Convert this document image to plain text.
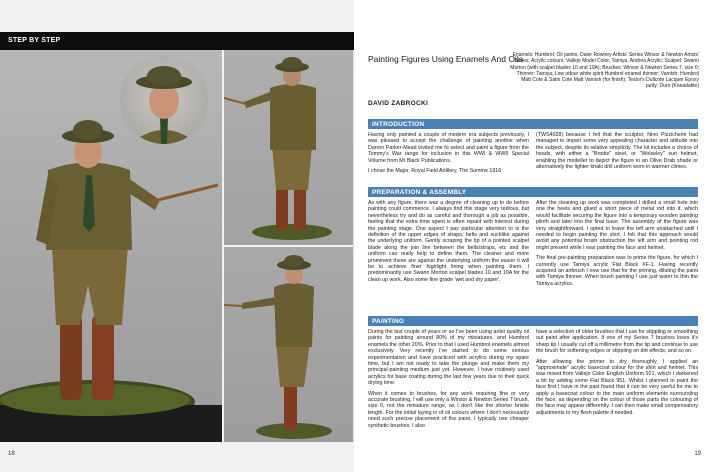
STEP BY STEP
18
Major of the Royal Field Artillery on the Somme 1916	Tommy's War (TWS4028)
54mm (1/32)
Painting Figures Using Enamels And Oils
Enamels: Humbrol; Oil paints: Daler Rowney Artists' Series Winsor & Newton Artists' Series; Acrylic colours: Vallejo Model Color, Tamiya, Andrea Acrylic; Scalpel: Swann Morton (with scalpel blades 10 and 10A); Brushes: Winsor & Newton Series 7, size 0; Thinner: Tamiya, Low odour white spirit Humbrol enamel thinner; Varnish: Humbrol Matt Cote & Satin Cote Matt Varnish (for finish): Testor's Dullcote Lacquer Epoxy putty: Duro (Kneadatite)
DAVID ZABROCKI
INTRODUCTION

Having only painted a couple of modern era subjects previously, I was pleased to accept the challenge of painting another when Darren Parker-Mead invited me to select and paint a figure from the Tommy's War range for inclusion in this WWI & WWII Special Volume from Mr Black Publications.

I chose the Major, Royal Field Artillery, The Somme 1916

(TWS4028) because I felt that the sculptor, Nino Pizzichemi had managed to impart some very appealing character and attitude into the subject, despite its relative simplicity. The kit includes a choice of heads, with either a "Brodie" steel, or "Wolseley" sun helmet, enabling the modeller to depict the figure in an Olive Drab shade or alternatively the lighter khaki drill uniform worn in warmer climes.

PREPARATION & ASSEMBLY

As with any figure, there was a degree of cleaning up to do before painting could commence. I always find this stage very tedious, but nevertheless try and do as careful and thorough a job as possible, feeling that the extra time spent is often repaid with interest during the painting stage. One aspect I pay particular attention to is the definition of the upper edges of straps, belts and suchlike against the underlying uniform. Gently scraping the tip of a pointed scalpel blade along the join line between the belts/straps, etc and the uniform can really help to define them. The cleaner and more prominent these are against the underlying uniform the easier it will be to achieve finer highlight lining when painting them. I predominantly use Swann Morton scalpel blades 10 and 10A for the clean up work. Also some fine grade 'wet and dry paper'.

After the cleaning up work was completed I drilled a small hole into one the heels and glued a short piece of metal rod into it, which would facilitate securing the figure into a temporary wooden painting plinth and later into the final base. The assembly of the figure was very straightforward. I opted to leave the left arm unattached until I needed to begin painting the shirt. I felt that this approach would avoid any potential brush obstruction the left arm and pointing rod might present while I was painting the face and helmet.

The final pre-painting preparation was to prime the figure, for which I currently use Tamiya acrylic Flat Black XF-1. Having recently acquired an airbrush I now use that for the priming, diluting the paint with Tamiya thinner. When brush painting I use just water to thin the Tamiya acrylics.

PAINTING

During the last couple of years or so I've been using artist quality oil paints for painting around 80% of my miniatures, and Humbrol enamels the other 20%. Prior to that I used Humbrol enamels almost exclusively. Very recently I've started to do some serious experimentation and have practiced with acrylics during my spare time, but I am not ready to take the plunge and make them my principal-painting medium just yet. However, I have routinely used acrylics for base coating during the last few years due to their quick drying time.

When it comes to brushes, for any work requiring fine or very accurate brushing, I will use only a Winsor & Newton Series 7 brush, size 0, not the miniature range, as I don't like the shorter bristle length. For the initial laying in of oil colours where I don't necessarily need such precise placement of the paint, I typically use cheaper synthetic brushes. I also

have a selection of older brushes that I use for stippling or smoothing out paint after application. If one of my Series 7 brushes loses it's sharp tip I usually cut off a millimetre from the tip and continue to use the brush for softening edges or stippling on dirt effects, and so on.

After allowing the primer to dry thoroughly, I applied an "approximate" acrylic basecoat colour for the shirt and helmet. This was mixed from Vallejo Color English Uniform 921, which I darkened a bit by adding some Flat Black 951. Whilst I planned to paint the face first I have in the past found that it can be very useful for me to apply a basecoat colour to the main uniform elements surrounding the face, as depending on the colour of those parts the colouring of the face may appear differently. I can then make small compensatory adjustments to my flesh palette if needed.

19
